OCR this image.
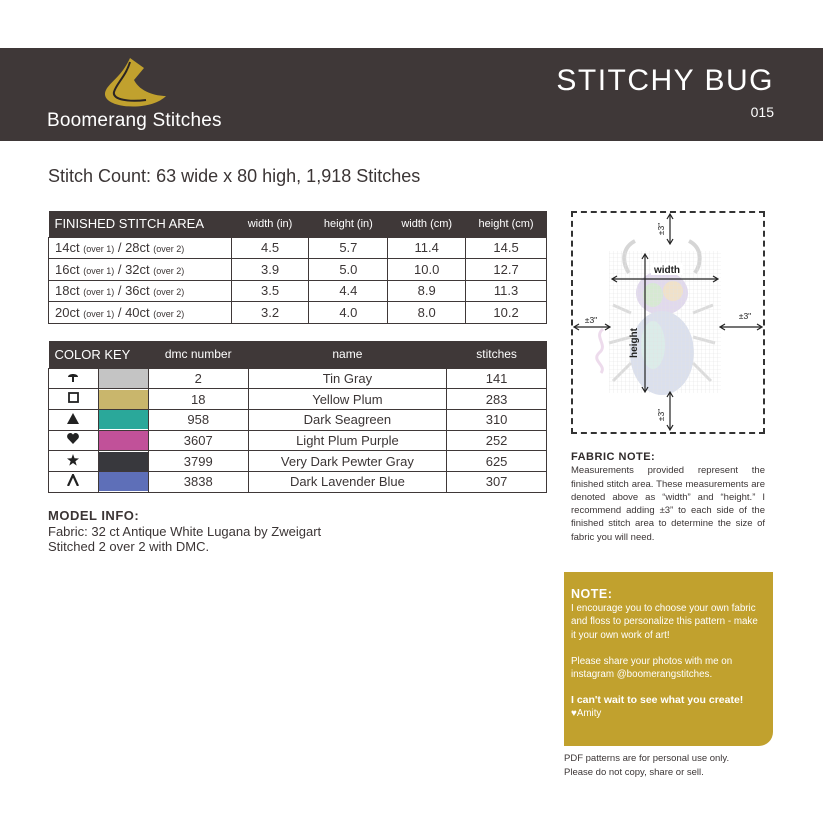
Boomerang Stitches
STITCHY BUG
015
Stitch Count: 63 wide x 80 high, 1,918 Stitches
FINISHED STITCH AREA	width (in)	height (in)	width (cm)	height (cm)
14ct (over 1) / 28ct (over 2)	4.5	5.7	11.4	14.5
16ct (over 1) / 32ct (over 2)	3.9	5.0	10.0	12.7
18ct (over 1) / 36ct (over 2)	3.5	4.4	8.9	11.3
20ct (over 1) / 40ct (over 2)	3.2	4.0	8.0	10.2
COLOR KEY		dmc number	name	stitches

	2	Tin Gray	141

	18	Yellow Plum	283

	958	Dark Seagreen	310

	3607	Light Plum Purple	252

	3799	Very Dark Pewter Gray	625

	3838	Dark Lavender Blue	307
MODEL INFO:
Fabric: 32 ct Antique White Lugana by Zweigart
Stitched 2 over 2 with DMC.
width
height
±3"
±3"
±3"	±3"
FABRIC NOTE:
Measurements provided represent the finished stitch area. These measurements are denoted above as “width” and “height.” I recommend adding ±3” to each side of the finished stitch area to determine the size of fabric you will need.
NOTE:

I encourage you to choose your own fabric and floss to personalize this pattern - make it your own work of art!

Please share your photos with me on instagram @boomerangstitches.

I can't wait to see what you create!
♥Amity
PDF patterns are for personal use only.
Please do not copy, share or sell.
